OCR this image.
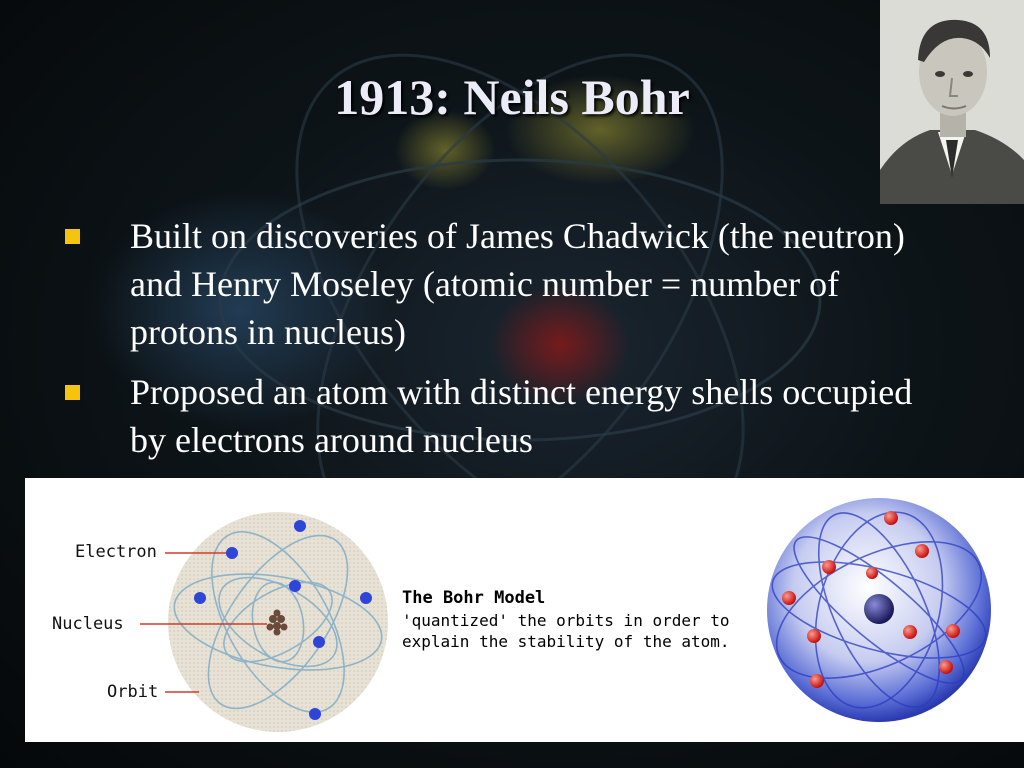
1913: Neils Bohr
Built on discoveries of James Chadwick (the neutron) and Henry Moseley (atomic number = number of protons in nucleus)
Proposed an atom with distinct energy shells occupied by electrons around nucleus
Electron
Nucleus
Orbit
The Bohr Model
'quantized' the orbits in order to
explain the stability of the atom.
